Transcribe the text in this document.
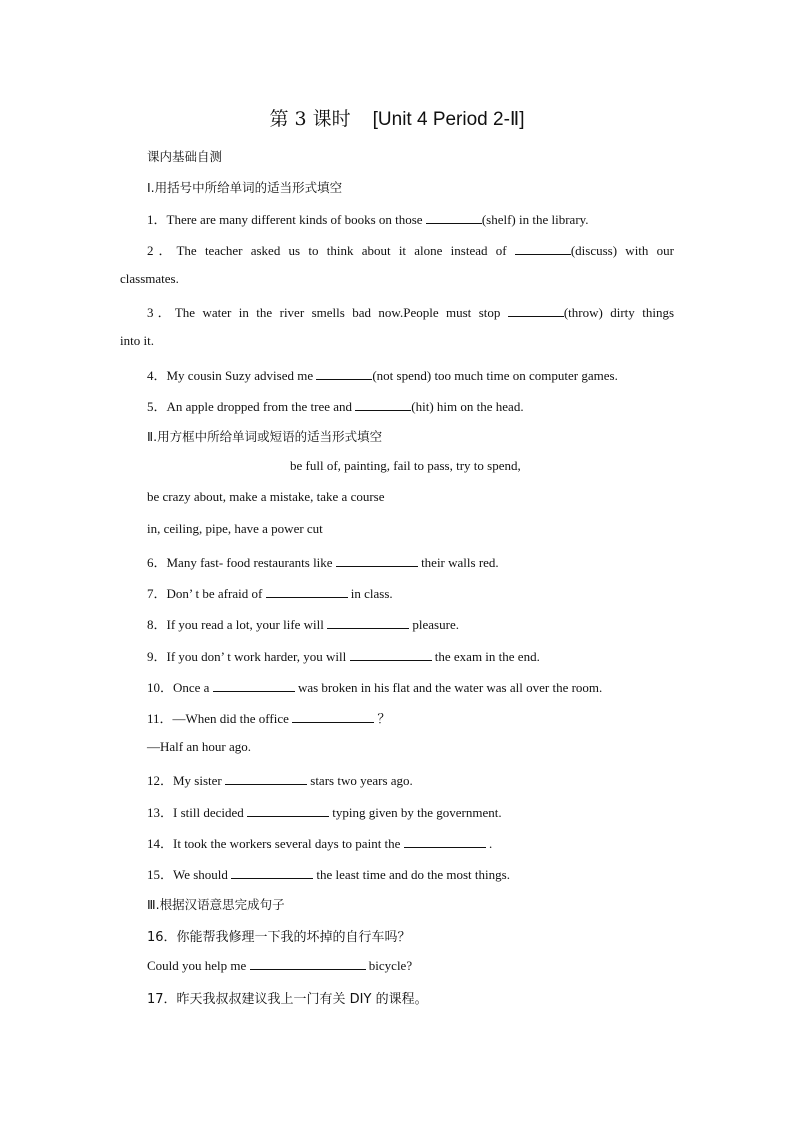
第 3 课时 [Unit 4 Period 2-Ⅱ]
课内基础自测
Ⅰ.用括号中所给单词的适当形式填空
1．There are many different kinds of books on those	(shelf) in the library.
2．The teacher asked us to think about it alone instead of	(discuss) with our
classmates.
3．The water in the river smells bad now.People must stop	(throw) dirty things
into it.
4．My cousin Suzy advised me	(not spend) too much time on computer games.
5．An apple dropped from the tree and	(hit) him on the head.
Ⅱ.用方框中所给单词或短语的适当形式填空
be full of, painting, fail to pass, try to spend,
be crazy about, make a mistake, take a course
in, ceiling, pipe, have a power cut
6．Many fast- food restaurants like	their walls red.
7．Don’ t be afraid of	in class.
8．If you read a lot, your life will	pleasure.
9．If you don’ t work harder, you will	the exam in the end.
10．Once a	was broken in his flat and the water was all over the room.
11．—When did the office	？
—Half an hour ago.
12．My sister	stars two years ago.
13．I still decided	typing given by the government.
14．It took the workers several days to paint the	.
15．We should	the least time and do the most things.
Ⅲ.根据汉语意思完成句子
16．你能帮我修理一下我的坏掉的自行车吗？
Could you help me	bicycle?
17．昨天我叔叔建议我上一门有关 DIY 的课程。
